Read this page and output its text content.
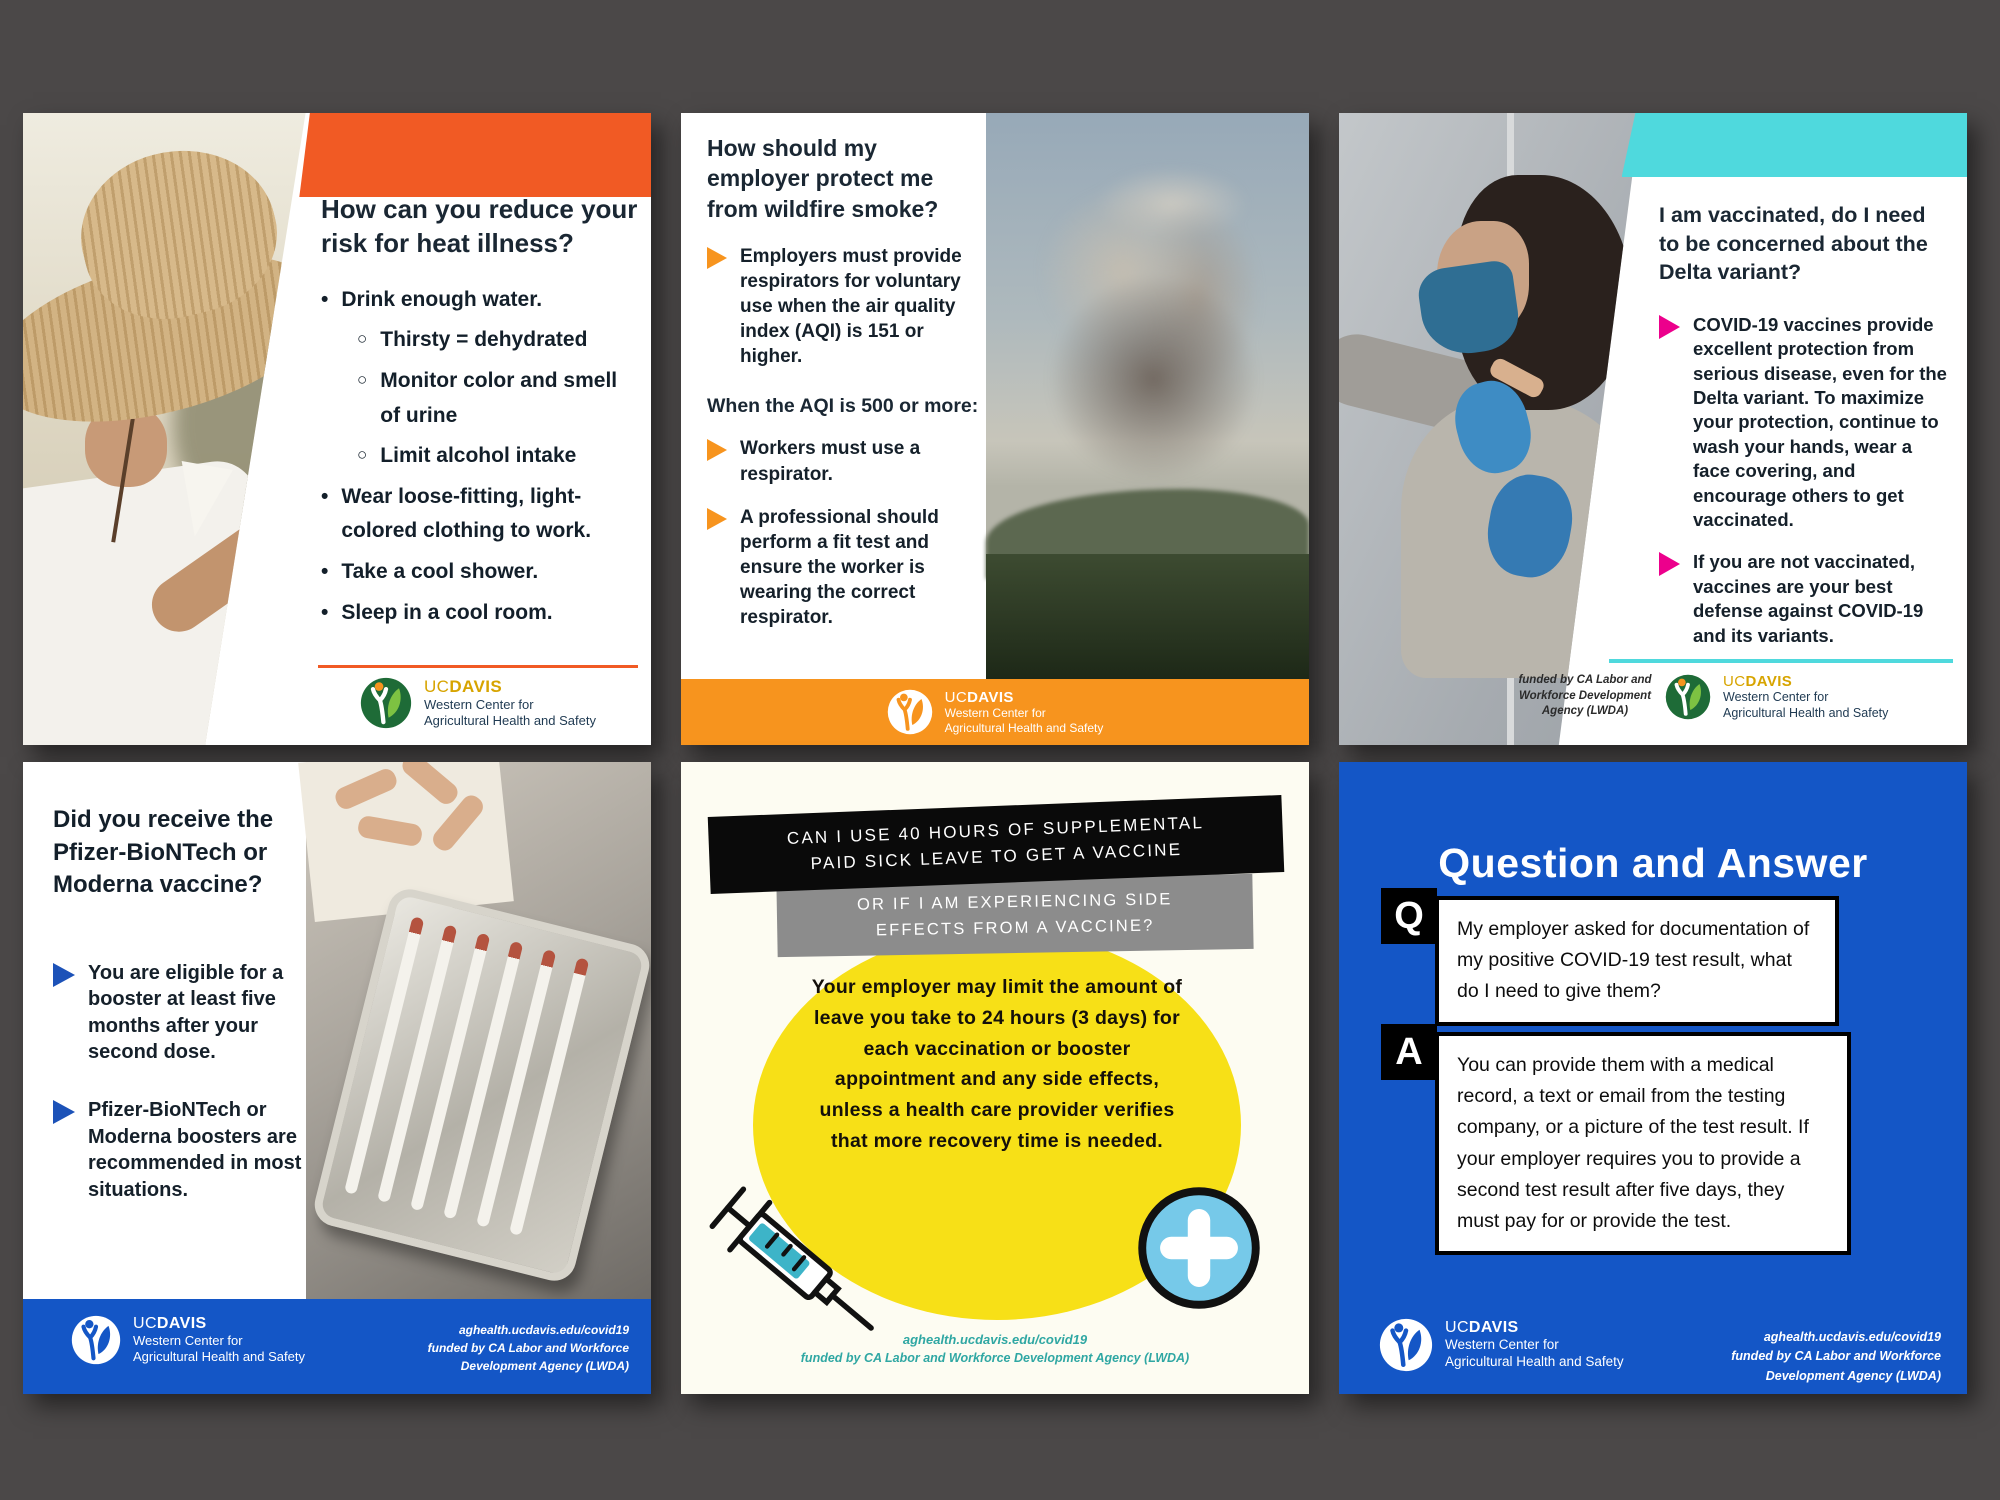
How can you reduce your risk for heat illness?
• Drink enough water.
○ Thirsty = dehydrated
○ Monitor color and smell of urine
○ Limit alcohol intake
• Wear loose-fitting, light-colored clothing to work.
• Take a cool shower.
• Sleep in a cool room.
UCDAVIS
Western Center for
Agricultural Health and Safety
How should my employer protect me from wildfire smoke?
Employers must provide respirators for voluntary use when the air quality index (AQI) is 151 or higher.
When the AQI is 500 or more:
Workers must use a respirator.
A professional should perform a fit test and ensure the worker is wearing the correct respirator.
UCDAVIS
Western Center for
Agricultural Health and Safety
I am vaccinated, do I need to be concerned about the Delta variant?
COVID-19 vaccines provide excellent protection from serious disease, even for the Delta variant. To maximize your protection, continue to wash your hands, wear a face covering, and encourage others to get vaccinated.
If you are not vaccinated, vaccines are your best defense against COVID-19 and its variants.
funded by CA Labor and
Workforce Development
Agency (LWDA)
UCDAVIS
Western Center for
Agricultural Health and Safety
Did you receive the Pfizer-BioNTech or Moderna vaccine?
You are eligible for a booster at least five months after your second dose.
Pfizer-BioNTech or Moderna boosters are recommended in most situations.
UCDAVIS
Western Center for
Agricultural Health and Safety
aghealth.ucdavis.edu/covid19
funded by CA Labor and Workforce
Development Agency (LWDA)
CAN I USE 40 HOURS OF SUPPLEMENTAL
PAID SICK LEAVE TO GET A VACCINE
OR IF I AM EXPERIENCING SIDE
EFFECTS FROM A VACCINE?
Your employer may limit the amount of leave you take to 24 hours (3 days) for each vaccination or booster appointment and any side effects, unless a health care provider verifies that more recovery time is needed.
aghealth.ucdavis.edu/covid19
funded by CA Labor and Workforce Development Agency (LWDA)
Question and Answer
Q	My employer asked for documentation of my positive COVID-19 test result, what do I need to give them?
A	You can provide them with a medical record, a text or email from the testing company, or a picture of the test result. If your employer requires you to provide a second test result after five days, they must pay for or provide the test.
UCDAVIS
Western Center for
Agricultural Health and Safety
aghealth.ucdavis.edu/covid19
funded by CA Labor and Workforce
Development Agency (LWDA)
